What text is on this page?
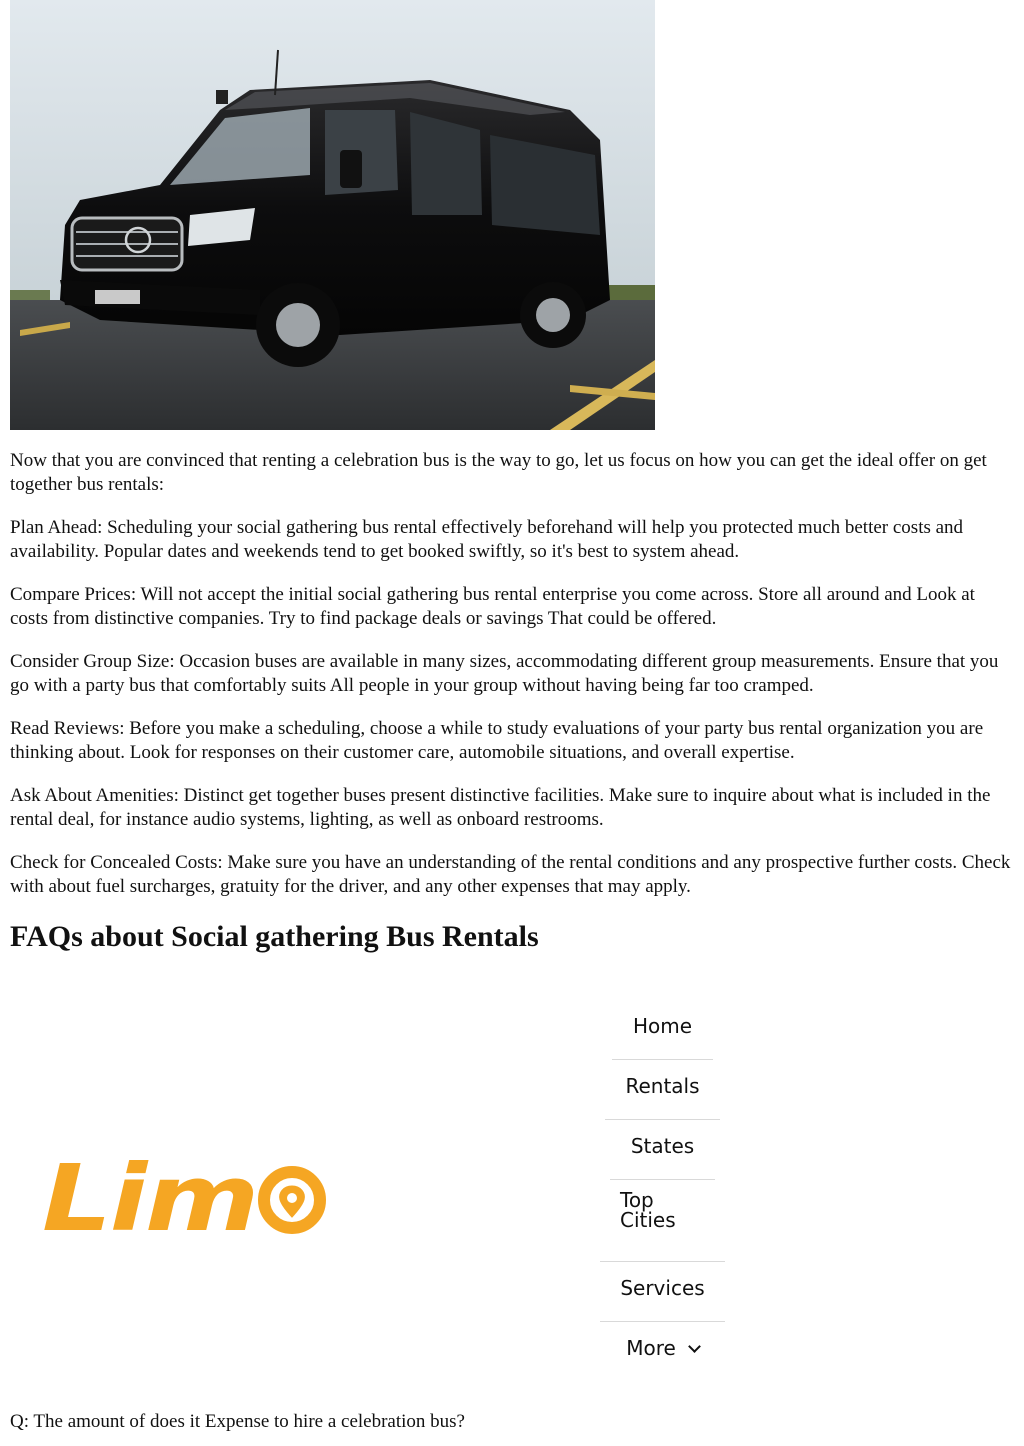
Now that you are convinced that renting a celebration bus is the way to go, let us focus on how you can get the ideal offer on get together bus rentals:

Plan Ahead: Scheduling your social gathering bus rental effectively beforehand will help you protected much better costs and availability. Popular dates and weekends tend to get booked swiftly, so it's best to system ahead.

Compare Prices: Will not accept the initial social gathering bus rental enterprise you come across. Store all around and Look at costs from distinctive companies. Try to find package deals or savings That could be offered.

Consider Group Size: Occasion buses are available in many sizes, accommodating different group measurements. Ensure that you go with a party bus that comfortably suits All people in your group without having being far too cramped.

Read Reviews: Before you make a scheduling, choose a while to study evaluations of your party bus rental organization you are thinking about. Look for responses on their customer care, automobile situations, and overall expertise.

Ask About Amenities: Distinct get together buses present distinctive facilities. Make sure to inquire about what is included in the rental deal, for instance audio systems, lighting, as well as onboard restrooms.

Check for Concealed Costs: Make sure you have an understanding of the rental conditions and any prospective further costs. Check with about fuel surcharges, gratuity for the driver, and any other expenses that may apply.

FAQs about Social gathering Bus Rentals
Lim
Home
Rentals
States
Top
Cities
Services
More

Q: The amount of does it Expense to hire a celebration bus?
